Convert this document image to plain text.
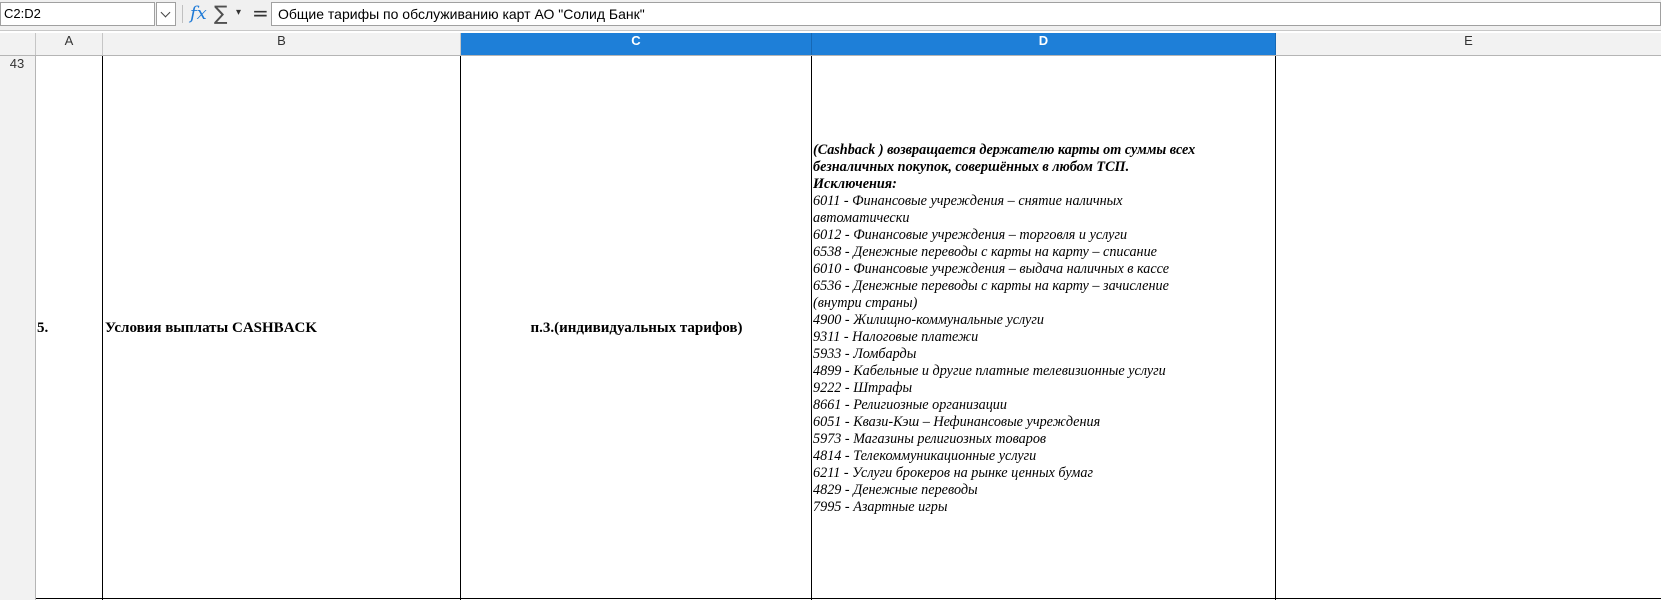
C2:D2	fx ∑ ▾ = Общие тарифы по обслуживанию карт АО "Солид Банк"
A	B	C	D	E
43
5.	Условия выплаты CASHBACK	п.3.(индивидуальных тарифов)
(Cashback ) возвращается держателю карты от суммы всех
безналичных покупок, совершённых в любом ТСП.
Исключения:
6011 - Финансовые учреждения – снятие наличных
автоматически
6012 - Финансовые учреждения – торговля и услуги
6538 - Денежные переводы с карты на карту – списание
6010 - Финансовые учреждения – выдача наличных в кассе
6536 - Денежные переводы с карты на карту – зачисление
(внутри страны)
4900 - Жилищно-коммунальные услуги
9311 - Налоговые платежи
5933 - Ломбарды
4899 - Кабельные и другие платные телевизионные услуги
9222 - Штрафы
8661 - Религиозные организации
6051 - Квази-Кэш – Нефинансовые учреждения
5973 - Магазины религиозных товаров
4814 - Телекоммуникационные услуги
6211 - Услуги брокеров на рынке ценных бумаг
4829 - Денежные переводы
7995 - Азартные игры
